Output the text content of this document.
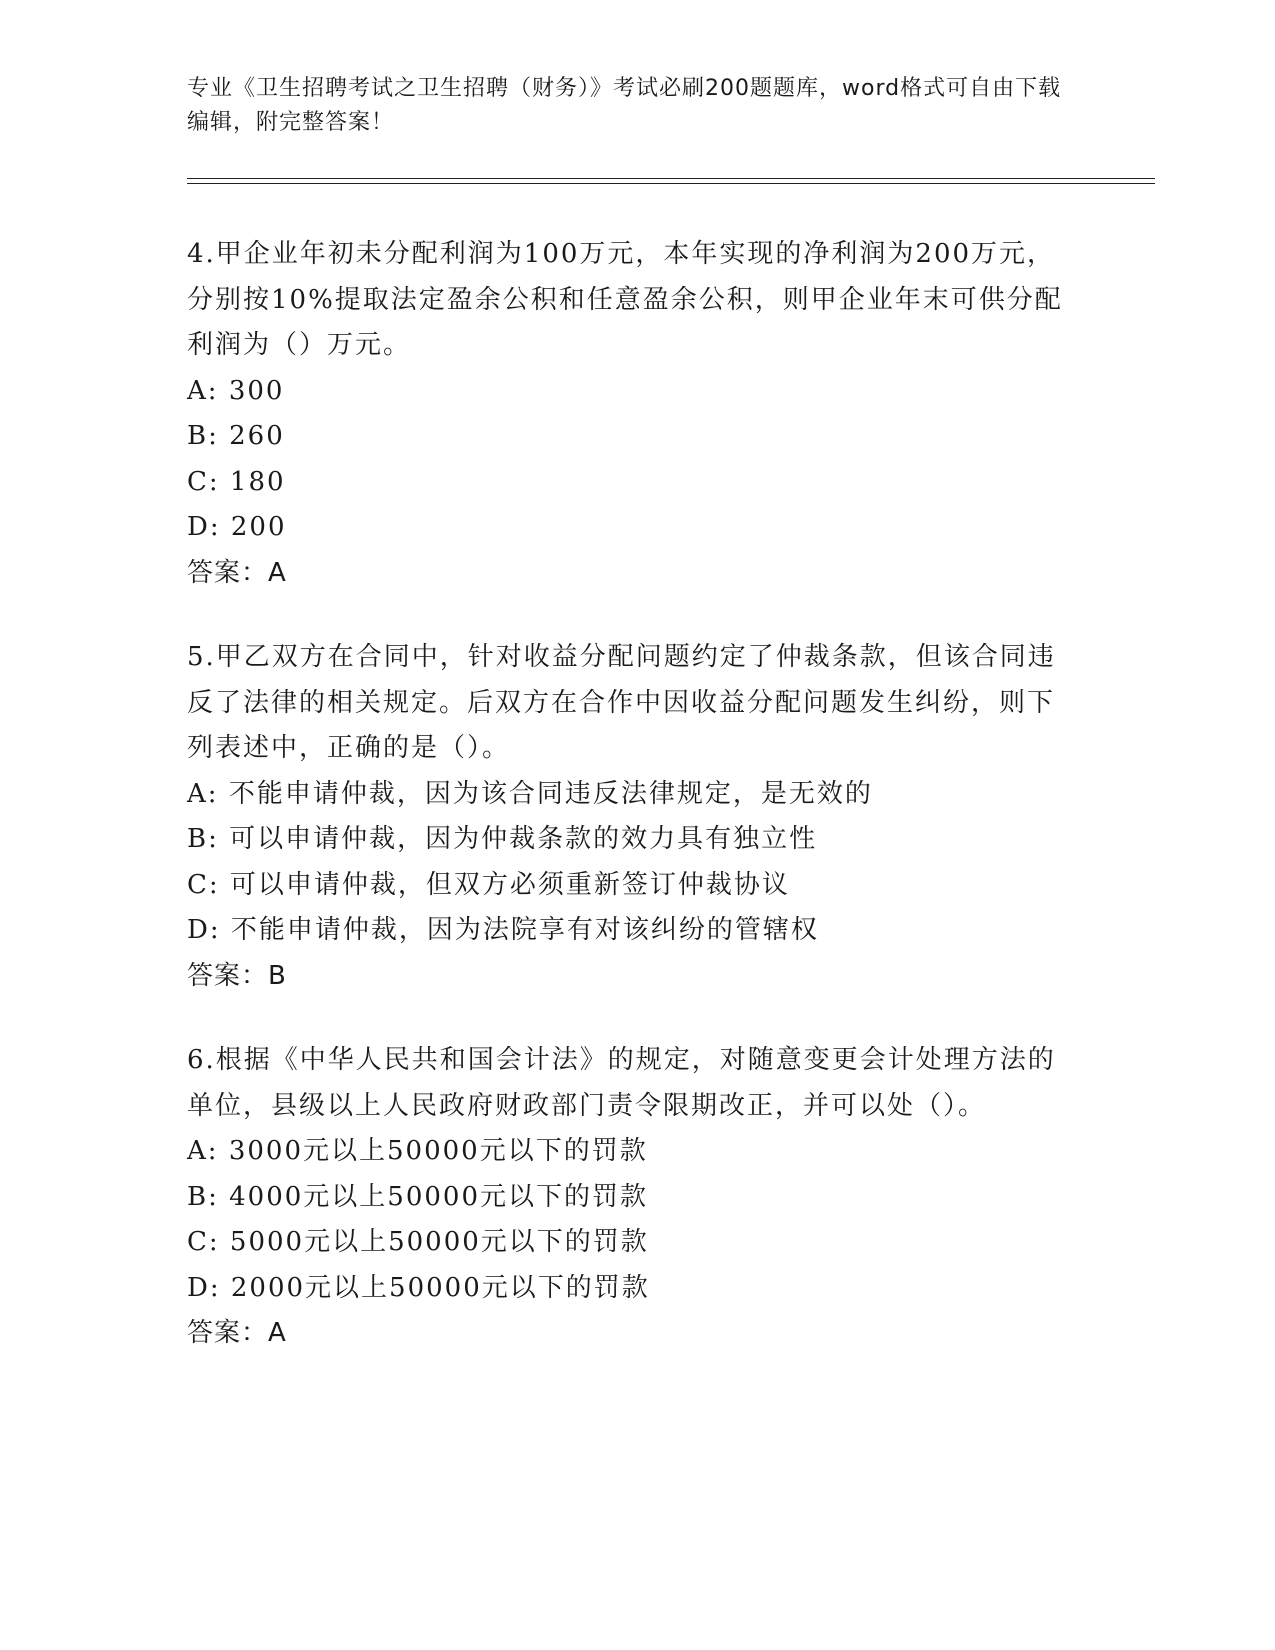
专业《卫生招聘考试之卫生招聘（财务）》考试必刷200题题库，word格式可自由下载编辑，附完整答案！
4.甲企业年初未分配利润为100万元，本年实现的净利润为200万元，分别按10%提取法定盈余公积和任意盈余公积，则甲企业年末可供分配利润为（）万元。
A: 300
B: 260
C: 180
D: 200
答案：A
5.甲乙双方在合同中，针对收益分配问题约定了仲裁条款，但该合同违反了法律的相关规定。后双方在合作中因收益分配问题发生纠纷，则下列表述中，正确的是（）。
A: 不能申请仲裁，因为该合同违反法律规定，是无效的
B: 可以申请仲裁，因为仲裁条款的效力具有独立性
C: 可以申请仲裁，但双方必须重新签订仲裁协议
D: 不能申请仲裁，因为法院享有对该纠纷的管辖权
答案：B
6.根据《中华人民共和国会计法》的规定，对随意变更会计处理方法的单位，县级以上人民政府财政部门责令限期改正，并可以处（）。
A: 3000元以上50000元以下的罚款
B: 4000元以上50000元以下的罚款
C: 5000元以上50000元以下的罚款
D: 2000元以上50000元以下的罚款
答案：A
